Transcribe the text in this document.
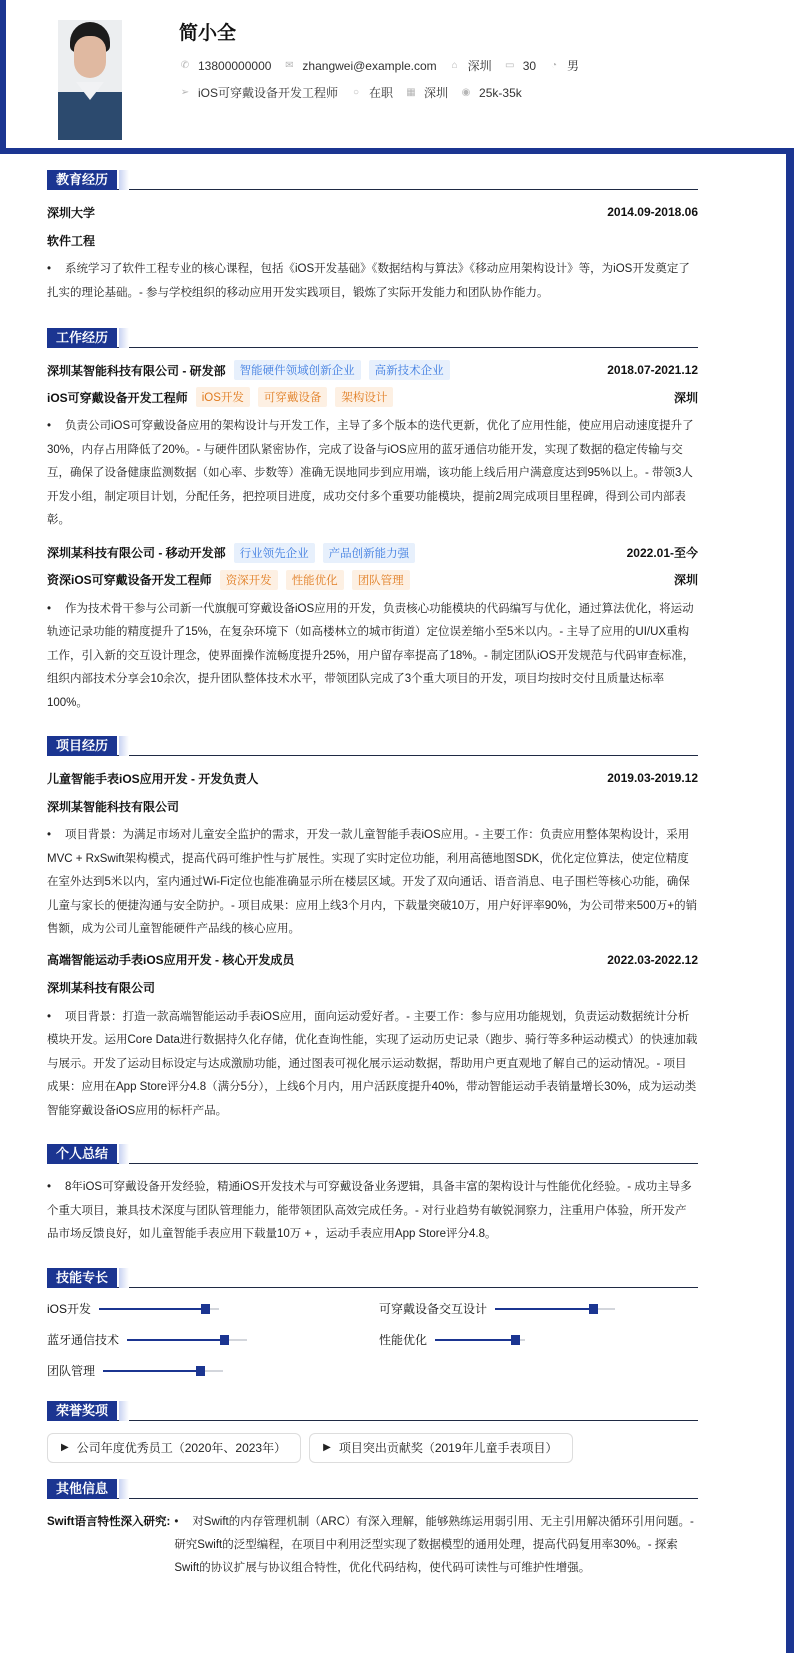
简小全
✆ 13800000000 ✉ zhangwei@example.com ⌂ 深圳 ▭ 30 ◔ 男
➢ iOS可穿戴设备开发工程师 ○ 在职 ▦ 深圳 ◉ 25k-35k
教育经历
深圳大学	2014.09-2018.06
软件工程
• 系统学习了软件工程专业的核心课程，包括《iOS开发基础》《数据结构与算法》《移动应用架构设计》等，为iOS开发奠定了扎实的理论基础。- 参与学校组织的移动应用开发实践项目，锻炼了实际开发能力和团队协作能力。
工作经历
深圳某智能科技有限公司 - 研发部	智能硬件领域创新企业	高新技术企业	2018.07-2021.12
iOS可穿戴设备开发工程师	iOS开发	可穿戴设备	架构设计	深圳
• 负责公司iOS可穿戴设备应用的架构设计与开发工作，主导了多个版本的迭代更新，优化了应用性能，使应用启动速度提升了30%，内存占用降低了20%。- 与硬件团队紧密协作，完成了设备与iOS应用的蓝牙通信功能开发，实现了数据的稳定传输与交互，确保了设备健康监测数据（如心率、步数等）准确无误地同步到应用端，该功能上线后用户满意度达到95%以上。- 带领3人开发小组，制定项目计划，分配任务，把控项目进度，成功交付多个重要功能模块，提前2周完成项目里程碑，得到公司内部表彰。
深圳某科技有限公司 - 移动开发部	行业领先企业	产品创新能力强	2022.01-至今
资深iOS可穿戴设备开发工程师	资深开发	性能优化	团队管理	深圳
• 作为技术骨干参与公司新一代旗舰可穿戴设备iOS应用的开发，负责核心功能模块的代码编写与优化，通过算法优化，将运动轨迹记录功能的精度提升了15%，在复杂环境下（如高楼林立的城市街道）定位误差缩小至5米以内。- 主导了应用的UI/UX重构工作，引入新的交互设计理念，使界面操作流畅度提升25%，用户留存率提高了18%。- 制定团队iOS开发规范与代码审查标准，组织内部技术分享会10余次，提升团队整体技术水平，带领团队完成了3个重大项目的开发，项目均按时交付且质量达标率100%。
项目经历
儿童智能手表iOS应用开发 - 开发负责人	2019.03-2019.12
深圳某智能科技有限公司
• 项目背景：为满足市场对儿童安全监护的需求，开发一款儿童智能手表iOS应用。- 主要工作：负责应用整体架构设计，采用MVC + RxSwift架构模式，提高代码可维护性与扩展性。实现了实时定位功能，利用高德地图SDK，优化定位算法，使定位精度在室外达到5米以内，室内通过Wi-Fi定位也能准确显示所在楼层区域。开发了双向通话、语音消息、电子围栏等核心功能，确保儿童与家长的便捷沟通与安全防护。- 项目成果：应用上线3个月内，下载量突破10万，用户好评率90%，为公司带来500万+的销售额，成为公司儿童智能硬件产品线的核心应用。
高端智能运动手表iOS应用开发 - 核心开发成员	2022.03-2022.12
深圳某科技有限公司
• 项目背景：打造一款高端智能运动手表iOS应用，面向运动爱好者。- 主要工作：参与应用功能规划，负责运动数据统计分析模块开发。运用Core Data进行数据持久化存储，优化查询性能，实现了运动历史记录（跑步、骑行等多种运动模式）的快速加载与展示。开发了运动目标设定与达成激励功能，通过图表可视化展示运动数据，帮助用户更直观地了解自己的运动情况。- 项目成果：应用在App Store评分4.8（满分5分），上线6个月内，用户活跃度提升40%，带动智能运动手表销量增长30%，成为运动类智能穿戴设备iOS应用的标杆产品。
个人总结
• 8年iOS可穿戴设备开发经验，精通iOS开发技术与可穿戴设备业务逻辑，具备丰富的架构设计与性能优化经验。- 成功主导多个重大项目，兼具技术深度与团队管理能力，能带领团队高效完成任务。- 对行业趋势有敏锐洞察力，注重用户体验，所开发产品市场反馈良好，如儿童智能手表应用下载量10万 + ，运动手表应用App Store评分4.8。
技能专长
iOS开发	可穿戴设备交互设计
蓝牙通信技术	性能优化
团队管理
荣誉奖项
▶ 公司年度优秀员工（2020年、2023年）	▶ 项目突出贡献奖（2019年儿童手表项目）
其他信息
Swift语言特性深入研究: • 对Swift的内存管理机制（ARC）有深入理解，能够熟练运用弱引用、无主引用解决循环引用问题。- 研究Swift的泛型编程，在项目中利用泛型实现了数据模型的通用处理，提高代码复用率30%。- 探索Swift的协议扩展与协议组合特性，优化代码结构，使代码可读性与可维护性增强。
